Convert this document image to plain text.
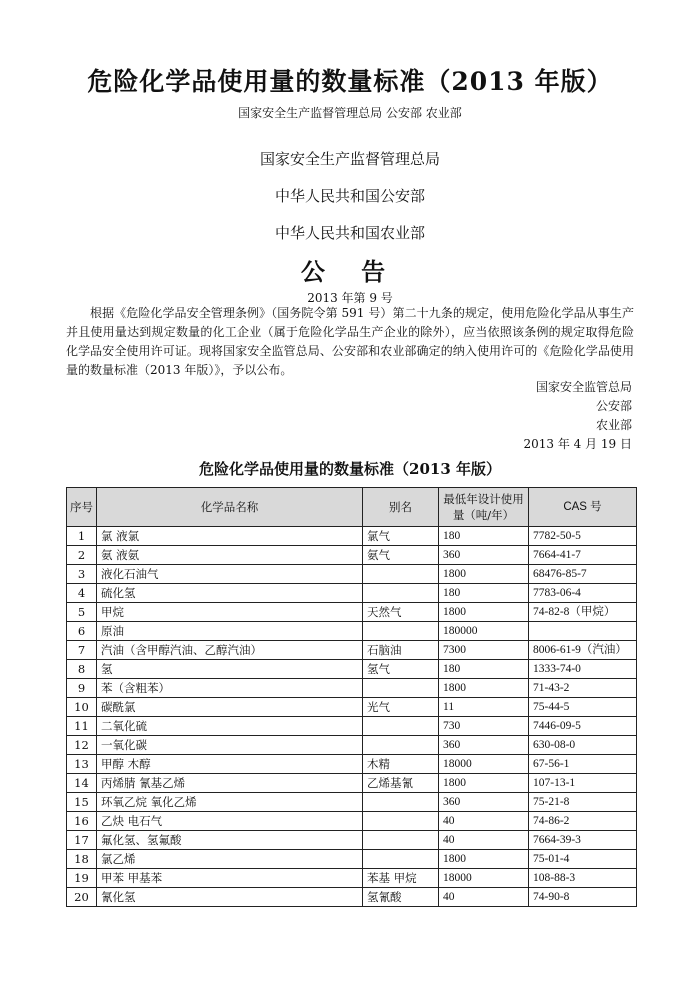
危险化学品使用量的数量标准（2013 年版）
国家安全生产监督管理总局 公安部 农业部
国家安全生产监督管理总局
中华人民共和国公安部
中华人民共和国农业部
公 告
2013 年第 9 号

根据《危险化学品安全管理条例》（国务院令第 591 号）第二十九条的规定，使用危险化学品从事生产并且使用量达到规定数量的化工企业（属于危险化学品生产企业的除外），应当依照该条例的规定取得危险化学品安全使用许可证。现将国家安全监管总局、公安部和农业部确定的纳入使用许可的《危险化学品使用量的数量标准（2013 年版）》，予以公布。

国家安全监管总局
公安部
农业部
2013 年 4 月 19 日
危险化学品使用量的数量标准（2013 年版）
序号	化学品名称	别名	最低年设计使用量（吨/年）	CAS 号
1	氯 液氯	氯气	180	7782-50-5
2	氨 液氨	氨气	360	7664-41-7
3	液化石油气		1800	68476-85-7
4	硫化氢		180	7783-06-4
5	甲烷	天然气	1800	74-82-8（甲烷）
6	原油		180000	
7	汽油（含甲醇汽油、乙醇汽油）	石脑油	7300	8006-61-9（汽油）
8	氢	氢气	180	1333-74-0
9	苯（含粗苯）		1800	71-43-2
10	碳酰氯	光气	11	75-44-5
11	二氧化硫		730	7446-09-5
12	一氧化碳		360	630-08-0
13	甲醇 木醇	木精	18000	67-56-1
14	丙烯腈 氰基乙烯	乙烯基氰	1800	107-13-1
15	环氧乙烷 氧化乙烯		360	75-21-8
16	乙炔 电石气		40	74-86-2
17	氟化氢、氢氟酸		40	7664-39-3
18	氯乙烯		1800	75-01-4
19	甲苯 甲基苯	苯基 甲烷	18000	108-88-3
20	氰化氢	氢氰酸	40	74-90-8
